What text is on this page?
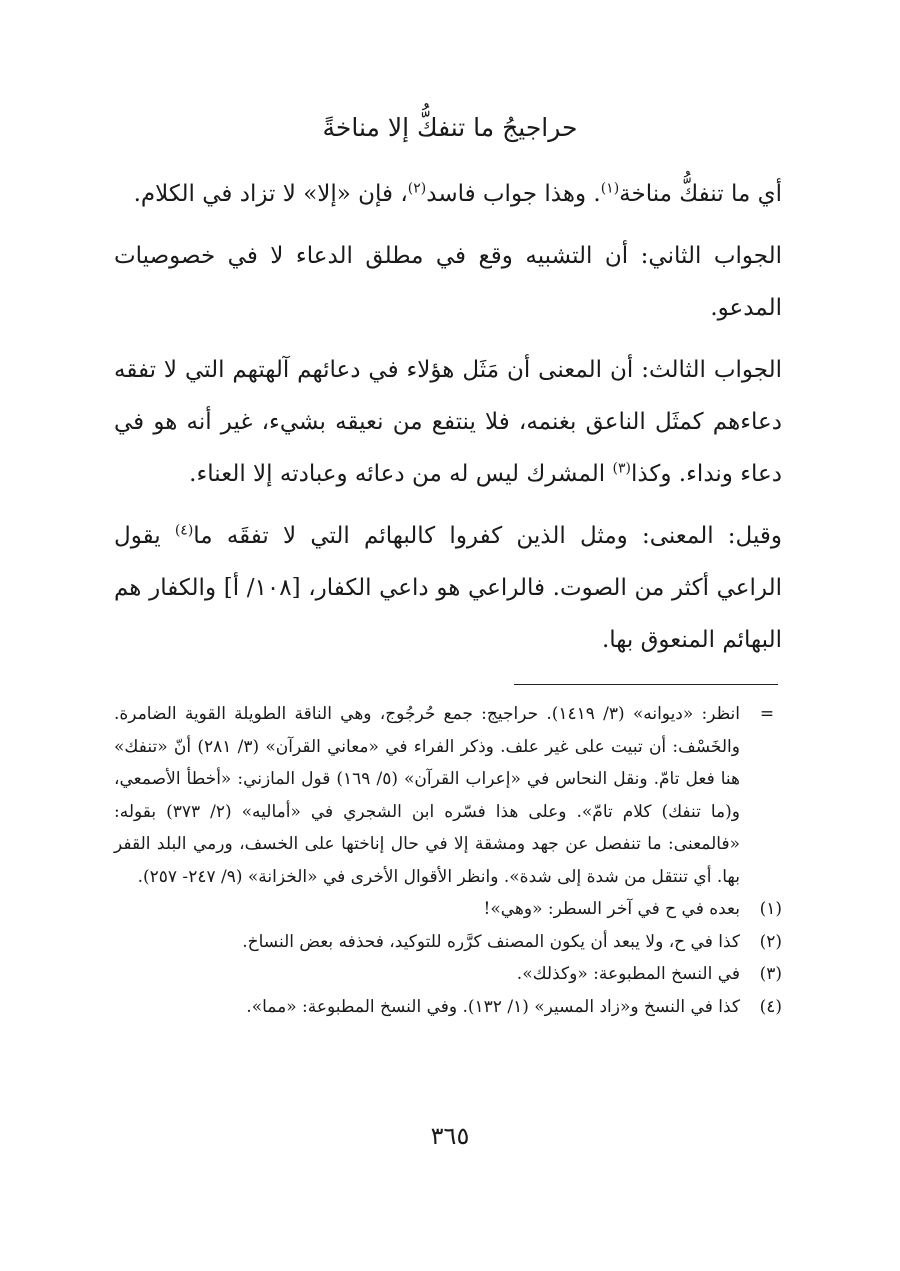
حراجيجُ ما تنفكُّ إلا مناخةً

أي ما تنفكُّ مناخة$^{(١)}$. وهذا جواب فاسد$^{(٢)}$، فإن «إلا» لا تزاد في الكلام.

الجواب الثاني: أن التشبيه وقع في مطلق الدعاء لا في خصوصيات المدعو.

الجواب الثالث: أن المعنى أن مَثَل هؤلاء في دعائهم آلهتهم التي لا تفقه دعاءهم كمثَل الناعق بغنمه، فلا ينتفع من نعيقه بشيء، غير أنه هو في دعاء ونداء. وكذا$^{(٣)}$ المشرك ليس له من دعائه وعبادته إلا العناء.

وقيل: المعنى: ومثل الذين كفروا كالبهائم التي لا تفقَه ما$^{(٤)}$ يقول الراعي أكثر من الصوت. فالراعي هو داعي الكفار، [١٠٨/ أ] والكفار هم البهائم المنعوق بها.

=
انظر: «ديوانه» (٣/ ١٤١٩). حراجيج: جمع حُرجُوج، وهي الناقة الطويلة القوية الضامرة. والخَسْف: أن تبيت على غير علف. وذكر الفراء في «معاني القرآن» (٣/ ٢٨١) أنّ «تنفك» هنا فعل تامّ. ونقل النحاس في «إعراب القرآن» (٥/ ١٦٩) قول المازني: «أخطأ الأصمعي، و(ما تنفك) كلام تامّ». وعلى هذا فسّره ابن الشجري في «أماليه» (٢/ ٣٧٣) بقوله: «فالمعنى: ما تنفصل عن جهد ومشقة إلا في حال إناختها على الخسف، ورمي البلد القفر بها. أي تنتقل من شدة إلى شدة». وانظر الأقوال الأخرى في «الخزانة» (٩/ ٢٤٧- ٢٥٧).
(١)
بعده في ح في آخر السطر: «وهي»!
(٢)
كذا في ح، ولا يبعد أن يكون المصنف كرَّره للتوكيد، فحذفه بعض النساخ.
(٣)
في النسخ المطبوعة: «وكذلك».
(٤)
كذا في النسخ و«زاد المسير» (١/ ١٣٢). وفي النسخ المطبوعة: «مما».
٣٦٥
